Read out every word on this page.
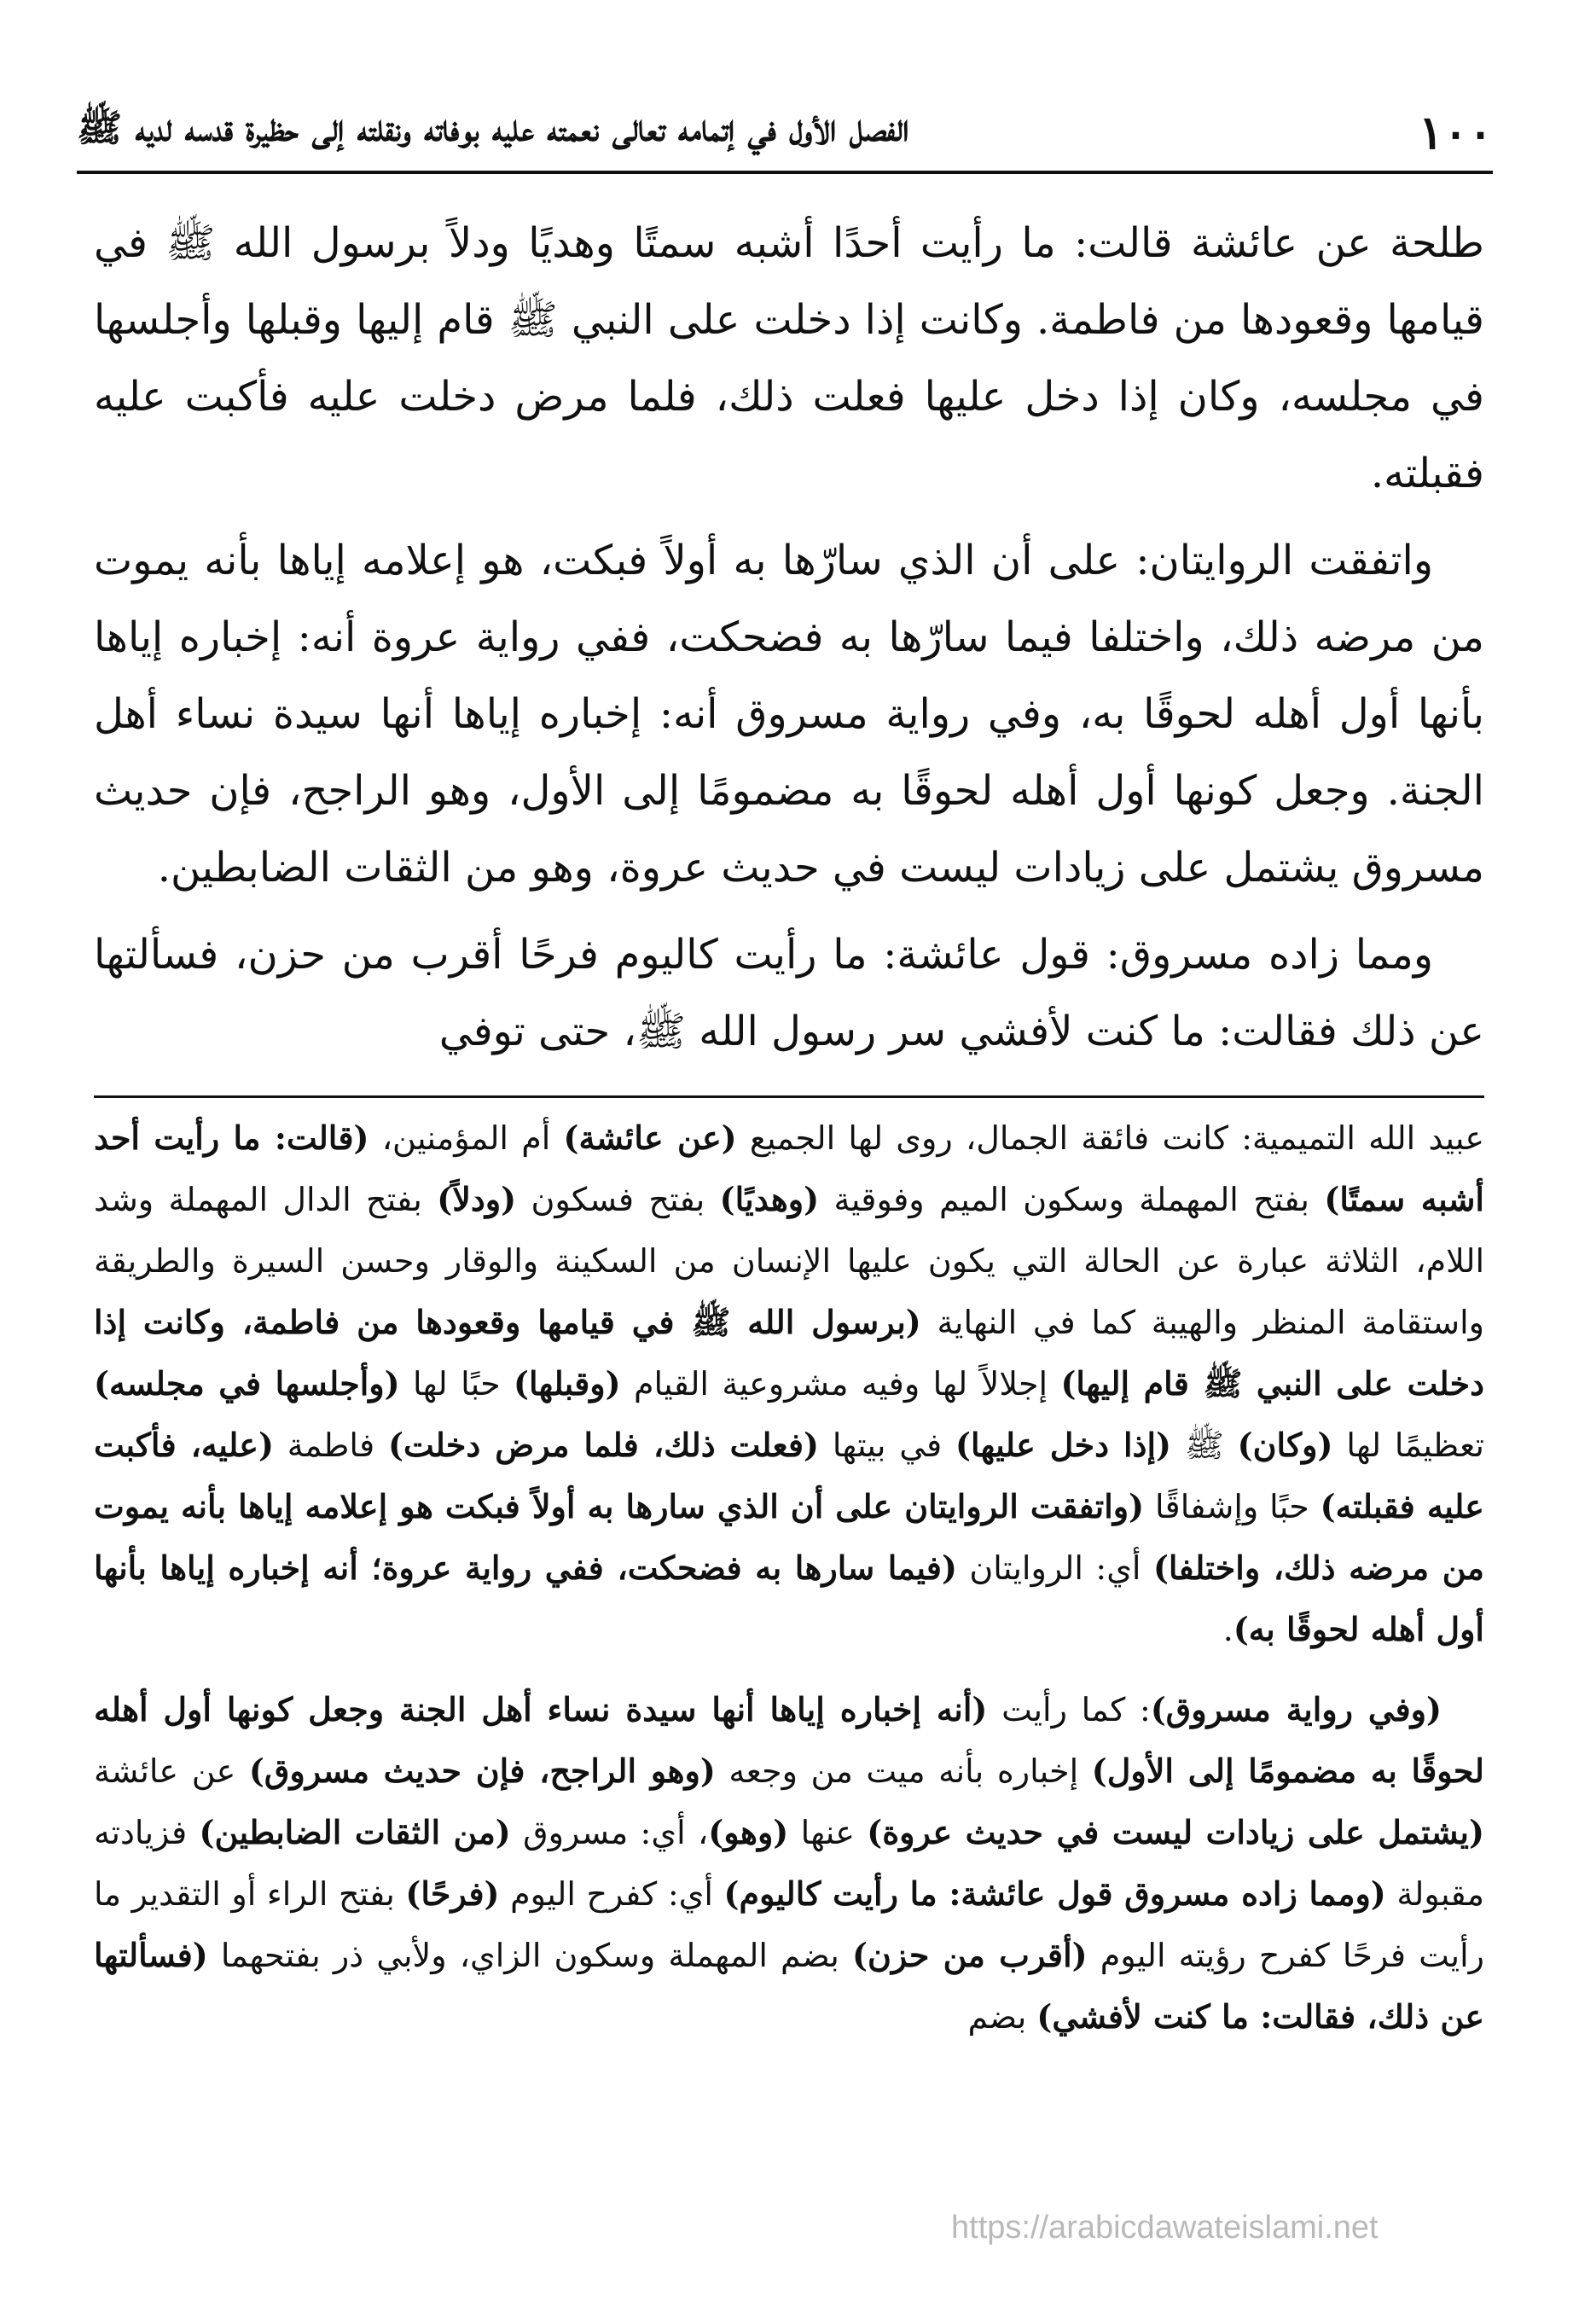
١٠٠
الفصل الأول في إتمامه تعالى نعمته عليه بوفاته ونقلته إلى حظيرة قدسه لديه ﷺ

طلحة عن عائشة قالت: ما رأيت أحدًا أشبه سمتًا وهديًا ودلاً برسول الله ﷺ في قيامها وقعودها من فاطمة. وكانت إذا دخلت على النبي ﷺ قام إليها وقبلها وأجلسها في مجلسه، وكان إذا دخل عليها فعلت ذلك، فلما مرض دخلت عليه فأكبت عليه فقبلته.

واتفقت الروايتان: على أن الذي سارّها به أولاً فبكت، هو إعلامه إياها بأنه يموت من مرضه ذلك، واختلفا فيما سارّها به فضحكت، ففي رواية عروة أنه: إخباره إياها بأنها أول أهله لحوقًا به، وفي رواية مسروق أنه: إخباره إياها أنها سيدة نساء أهل الجنة. وجعل كونها أول أهله لحوقًا به مضمومًا إلى الأول، وهو الراجح، فإن حديث مسروق يشتمل على زيادات ليست في حديث عروة، وهو من الثقات الضابطين.

ومما زاده مسروق: قول عائشة: ما رأيت كاليوم فرحًا أقرب من حزن، فسألتها عن ذلك فقالت: ما كنت لأفشي سر رسول الله ﷺ، حتى توفي

عبيد الله التميمية: كانت فائقة الجمال، روى لها الجميع (عن عائشة) أم المؤمنين، (قالت: ما رأيت أحد أشبه سمتًا) بفتح المهملة وسكون الميم وفوقية (وهديًا) بفتح فسكون (ودلاً) بفتح الدال المهملة وشد اللام، الثلاثة عبارة عن الحالة التي يكون عليها الإنسان من السكينة والوقار وحسن السيرة والطريقة واستقامة المنظر والهيبة كما في النهاية (برسول الله ﷺ في قيامها وقعودها من فاطمة، وكانت إذا دخلت على النبي ﷺ قام إليها) إجلالاً لها وفيه مشروعية القيام (وقبلها) حبًا لها (وأجلسها في مجلسه) تعظيمًا لها (وكان) ﷺ (إذا دخل عليها) في بيتها (فعلت ذلك، فلما مرض دخلت) فاطمة (عليه، فأكبت عليه فقبلته) حبًا وإشفاقًا (واتفقت الروايتان على أن الذي سارها به أولاً فبكت هو إعلامه إياها بأنه يموت من مرضه ذلك، واختلفا) أي: الروايتان (فيما سارها به فضحكت، ففي رواية عروة؛ أنه إخباره إياها بأنها أول أهله لحوقًا به).

(وفي رواية مسروق): كما رأيت (أنه إخباره إياها أنها سيدة نساء أهل الجنة وجعل كونها أول أهله لحوقًا به مضمومًا إلى الأول) إخباره بأنه ميت من وجعه (وهو الراجح، فإن حديث مسروق) عن عائشة (يشتمل على زيادات ليست في حديث عروة) عنها (وهو)، أي: مسروق (من الثقات الضابطين) فزيادته مقبولة (ومما زاده مسروق قول عائشة: ما رأيت كاليوم) أي: كفرح اليوم (فرحًا) بفتح الراء أو التقدير ما رأيت فرحًا كفرح رؤيته اليوم (أقرب من حزن) بضم المهملة وسكون الزاي، ولأبي ذر بفتحهما (فسألتها عن ذلك، فقالت: ما كنت لأفشي) بضم

https://arabicdawateislami.net
